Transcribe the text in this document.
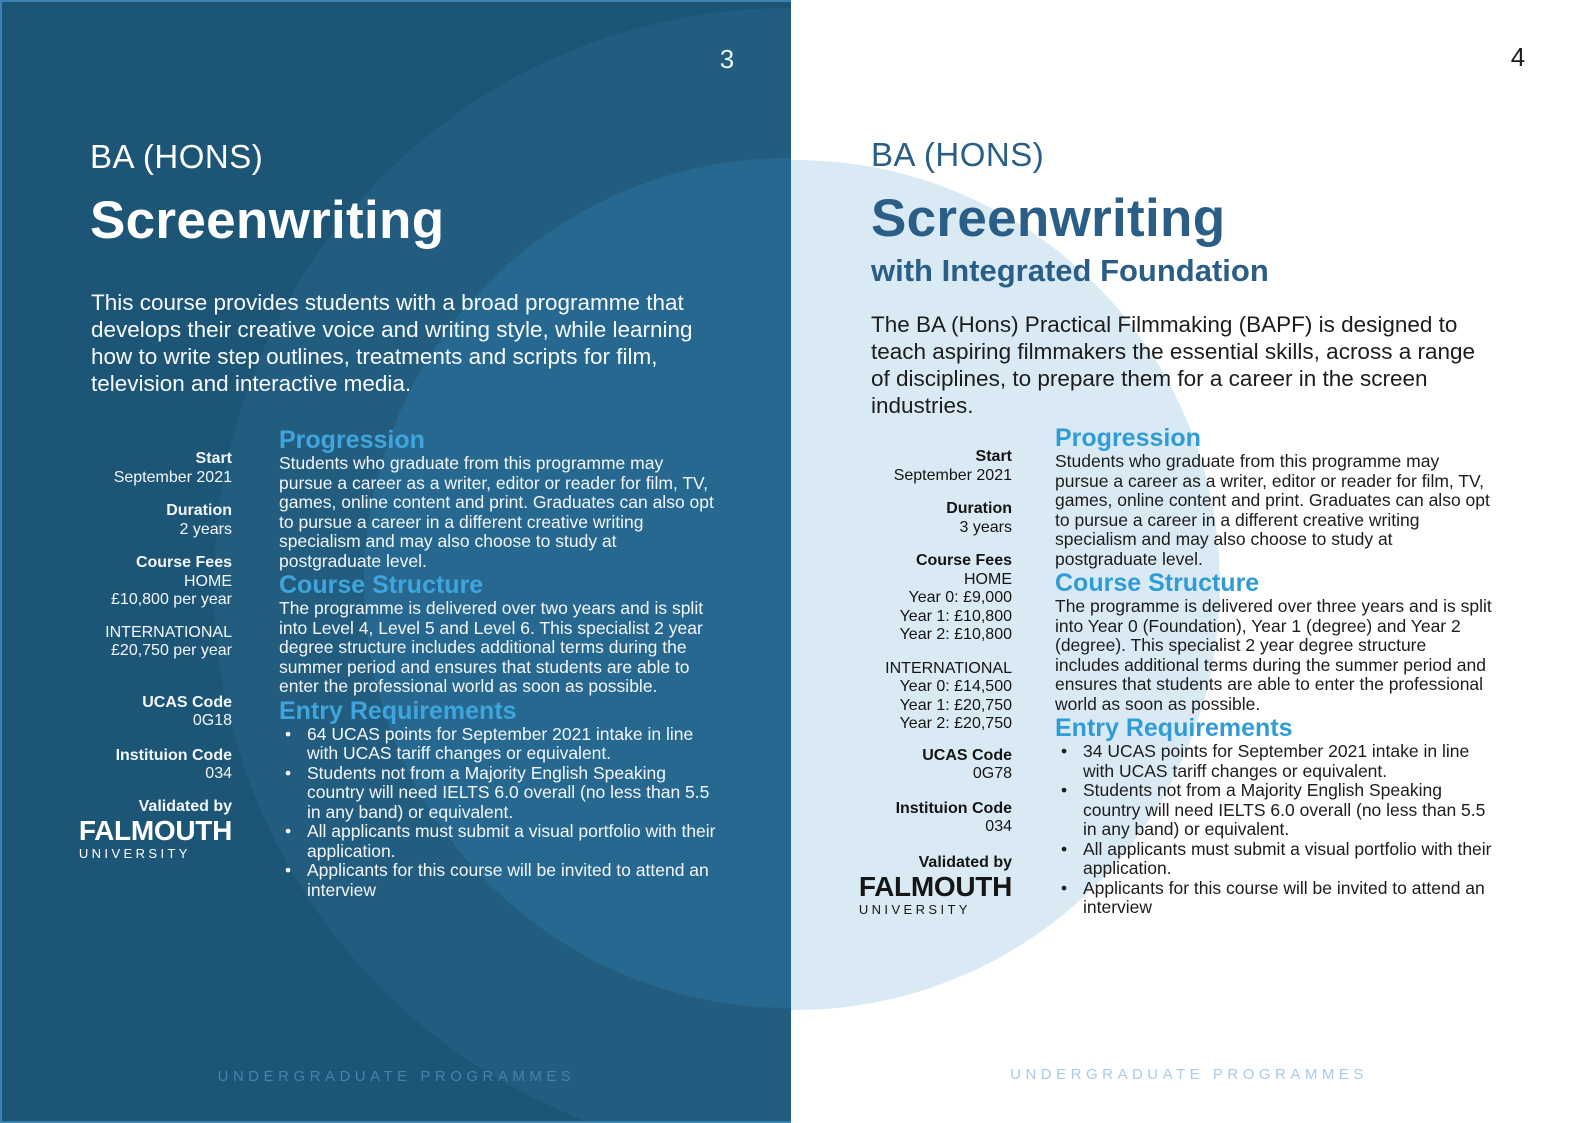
3
BA (HONS)
Screenwriting

This course provides students with a broad programme that develops their creative voice and writing style, while learning how to write step outlines, treatments and scripts for film, television and interactive media.

Start
September 2021
Duration
2 years
Course Fees
HOME
£10,800 per year
INTERNATIONAL
£20,750 per year
UCAS Code
0G18
Instituion Code
034
Validated by
FALMOUTH
UNIVERSITY
Progression

Students who graduate from this programme may pursue a career as a writer, editor or reader for film, TV, games, online content and print. Graduates can also opt to pursue a career in a different creative writing specialism and may also choose to study at postgraduate level.

Course Structure

The programme is delivered over two years and is split into Level 4, Level 5 and Level 6. This specialist 2 year degree structure includes additional terms during the summer period and ensures that students are able to enter the professional world as soon as possible.

Entry Requirements
• 64 UCAS points for September 2021 intake in line with UCAS tariff changes or equivalent.
• Students not from a Majority English Speaking country will need IELTS 6.0 overall (no less than 5.5 in any band) or equivalent.
• All applicants must submit a visual portfolio with their application.
• Applicants for this course will be invited to attend an interview
UNDERGRADUATE PROGRAMMES
4
BA (HONS)
Screenwriting
with Integrated Foundation

The BA (Hons) Practical Filmmaking (BAPF) is designed to teach aspiring filmmakers the essential skills, across a range of disciplines, to prepare them for a career in the screen industries.

Start
September 2021
Duration
3 years
Course Fees
HOME
Year 0: £9,000
Year 1: £10,800
Year 2: £10,800
INTERNATIONAL
Year 0: £14,500
Year 1: £20,750
Year 2: £20,750
UCAS Code
0G78
Instituion Code
034
Validated by
FALMOUTH
UNIVERSITY
Progression

Students who graduate from this programme may pursue a career as a writer, editor or reader for film, TV, games, online content and print. Graduates can also opt to pursue a career in a different creative writing specialism and may also choose to study at postgraduate level.

Course Structure

The programme is delivered over three years and is split into Year 0 (Foundation), Year 1 (degree) and Year 2 (degree). This specialist 2 year degree structure includes additional terms during the summer period and ensures that students are able to enter the professional world as soon as possible.

Entry Requirements
• 34 UCAS points for September 2021 intake in line with UCAS tariff changes or equivalent.
• Students not from a Majority English Speaking country will need IELTS 6.0 overall (no less than 5.5 in any band) or equivalent.
• All applicants must submit a visual portfolio with their application.
• Applicants for this course will be invited to attend an interview
UNDERGRADUATE PROGRAMMES
